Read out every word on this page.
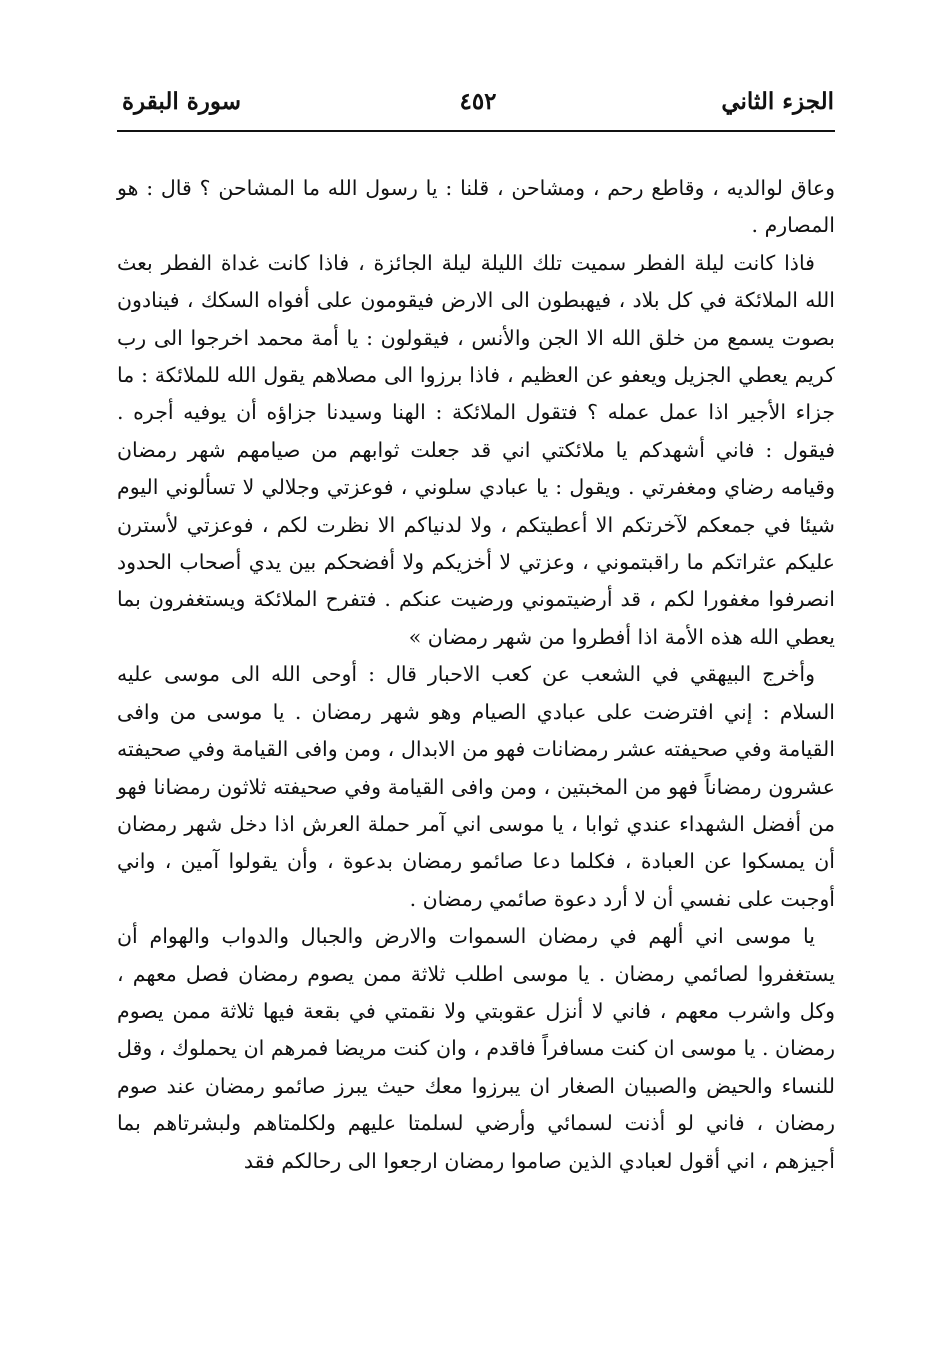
الجزء الثاني
٤٥٢
سورة البقرة

وعاق لوالديه ، وقاطع رحم ، ومشاحن ، قلنا : يا رسول الله ما المشاحن ؟ قال : هو المصارم .

فاذا كانت ليلة الفطر سميت تلك الليلة ليلة الجائزة ، فاذا كانت غداة الفطر بعث الله الملائكة في كل بلاد ، فيهبطون الى الارض فيقومون على أفواه السكك ، فينادون بصوت يسمع من خلق الله الا الجن والأنس ، فيقولون : يا أمة محمد اخرجوا الى رب كريم يعطي الجزيل ويعفو عن العظيم ، فاذا برزوا الى مصلاهم يقول الله للملائكة : ما جزاء الأجير اذا عمل عمله ؟ فتقول الملائكة : الهنا وسيدنا جزاؤه أن يوفيه أجره . فيقول : فاني أشهدكم يا ملائكتي اني قد جعلت ثوابهم من صيامهم شهر رمضان وقيامه رضاي ومغفرتي . ويقول : يا عبادي سلوني ، فوعزتي وجلالي لا تسألوني اليوم شيئا في جمعكم لآخرتكم الا أعطيتكم ، ولا لدنياكم الا نظرت لكم ، فوعزتي لأسترن عليكم عثراتكم ما راقبتموني ، وعزتي لا أخزيكم ولا أفضحكم بين يدي أصحاب الحدود انصرفوا مغفورا لكم ، قد أرضيتموني ورضيت عنكم . فتفرح الملائكة ويستغفرون بما يعطي الله هذه الأمة اذا أفطروا من شهر رمضان »

وأخرج البيهقي في الشعب عن كعب الاحبار قال : أوحى الله الى موسى عليه السلام : إني افترضت على عبادي الصيام وهو شهر رمضان . يا موسى من وافى القيامة وفي صحيفته عشر رمضانات فهو من الابدال ، ومن وافى القيامة وفي صحيفته عشرون رمضاناً فهو من المخبتين ، ومن وافى القيامة وفي صحيفته ثلاثون رمضانا فهو من أفضل الشهداء عندي ثوابا ، يا موسى اني آمر حملة العرش اذا دخل شهر رمضان أن يمسكوا عن العبادة ، فكلما دعا صائمو رمضان بدعوة ، وأن يقولوا آمين ، واني أوجبت على نفسي أن لا أرد دعوة صائمي رمضان .

يا موسى اني ألهم في رمضان السموات والارض والجبال والدواب والهوام أن يستغفروا لصائمي رمضان . يا موسى اطلب ثلاثة ممن يصوم رمضان فصل معهم ، وكل واشرب معهم ، فاني لا أنزل عقوبتي ولا نقمتي في بقعة فيها ثلاثة ممن يصوم رمضان . يا موسى ان كنت مسافراً فاقدم ، وان كنت مريضا فمرهم ان يحملوك ، وقل للنساء والحيض والصبيان الصغار ان يبرزوا معك حيث يبرز صائمو رمضان عند صوم رمضان ، فاني لو أذنت لسمائي وأرضي لسلمتا عليهم ولكلمتاهم ولبشرتاهم بما أجيزهم ، اني أقول لعبادي الذين صاموا رمضان ارجعوا الى رحالكم فقد
